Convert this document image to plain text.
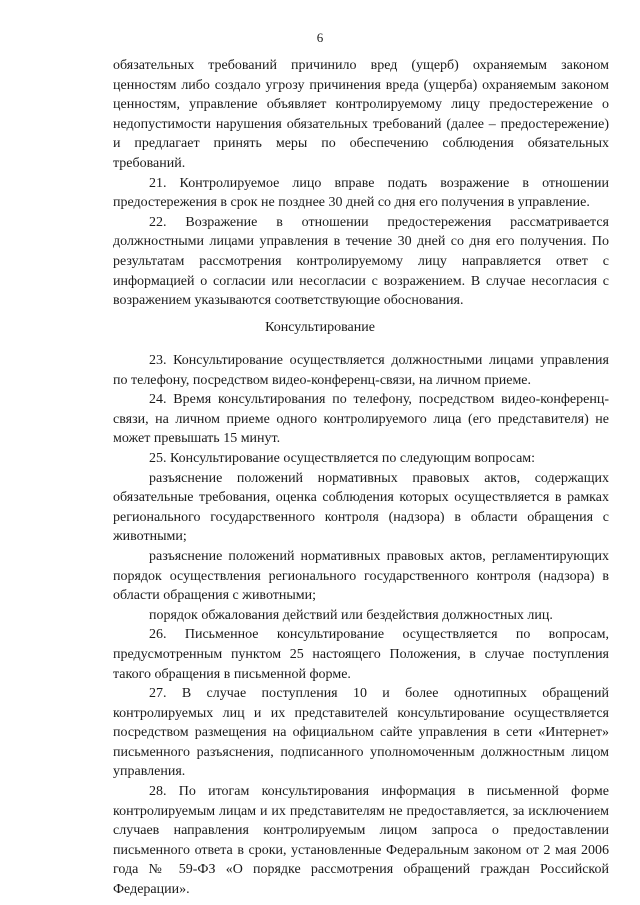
6

обязательных требований причинило вред (ущерб) охраняемым законом ценностям либо создало угрозу причинения вреда (ущерба) охраняемым законом ценностям, управление объявляет контролируемому лицу предостережение о недопустимости нарушения обязательных требований (далее – предостережение) и предлагает принять меры по обеспечению соблюдения обязательных требований.

21. Контролируемое лицо вправе подать возражение в отношении предостережения в срок не позднее 30 дней со дня его получения в управление.

22. Возражение в отношении предостережения рассматривается должностными лицами управления в течение 30 дней со дня его получения. По результатам рассмотрения контролируемому лицу направляется ответ с информацией о согласии или несогласии с возражением. В случае несогласия с возражением указываются соответствующие обоснования.

Консультирование

23. Консультирование осуществляется должностными лицами управления по телефону, посредством видео-конференц-связи, на личном приеме.

24. Время консультирования по телефону, посредством видео-конференц-связи, на личном приеме одного контролируемого лица (его представителя) не может превышать 15 минут.

25. Консультирование осуществляется по следующим вопросам:

разъяснение положений нормативных правовых актов, содержащих обязательные требования, оценка соблюдения которых осуществляется в рамках регионального государственного контроля (надзора) в области обращения с животными;

разъяснение положений нормативных правовых актов, регламентирующих порядок осуществления регионального государственного контроля (надзора) в области обращения с животными;

порядок обжалования действий или бездействия должностных лиц.

26. Письменное консультирование осуществляется по вопросам, предусмотренным пунктом 25 настоящего Положения, в случае поступления такого обращения в письменной форме.

27. В случае поступления 10 и более однотипных обращений контролируемых лиц и их представителей консультирование осуществляется посредством размещения на официальном сайте управления в сети «Интернет» письменного разъяснения, подписанного уполномоченным должностным лицом управления.

28. По итогам консультирования информация в письменной форме контролируемым лицам и их представителям не предоставляется, за исключением случаев направления контролируемым лицом запроса о предоставлении письменного ответа в сроки, установленные Федеральным законом от 2 мая 2006 года № 59-ФЗ «О порядке рассмотрения обращений граждан Российской Федерации».
